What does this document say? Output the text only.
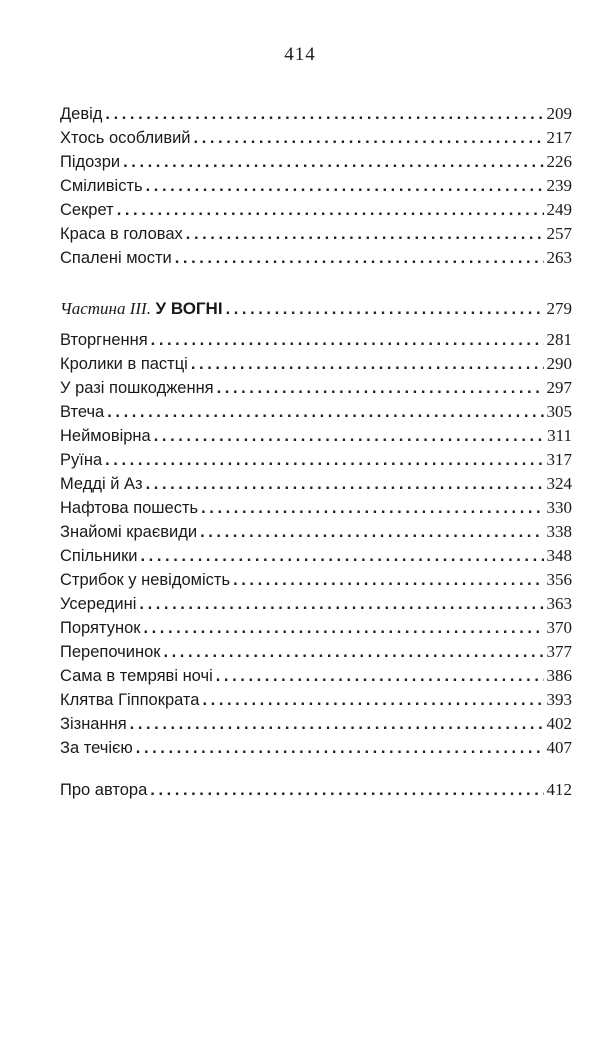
414
Девід . . .	209
Хтось особливий . . .	217
Підозри . . .	226
Сміливість . . .	239
Секрет . . .	249
Краса в головах . . .	257
Спалені мости . . .	263
Частина III. У ВОГНІ . . .	279
Вторгнення . . .	281
Кролики в пастці . . .	290
У разі пошкодження . . .	297
Втеча . . .	305
Неймовірна . . .	311
Руїна . . .	317
Медді й Аз . . .	324
Нафтова пошесть . . .	330
Знайомі краєвиди . . .	338
Спільники . . .	348
Стрибок у невідомість . . .	356
Усередині . . .	363
Порятунок . . .	370
Перепочинок . . .	377
Сама в темряві ночі . . .	386
Клятва Гіппократа . . .	393
Зізнання . . .	402
За течією . . .	407
Про автора . . .	412
